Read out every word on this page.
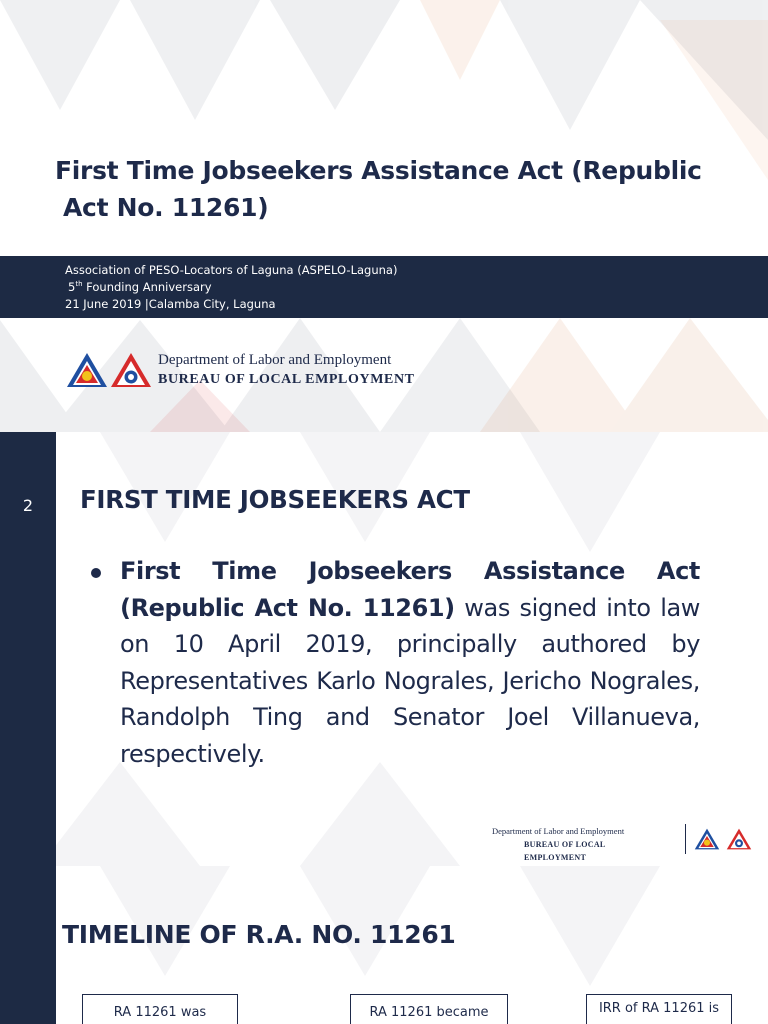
First Time Jobseekers Assistance Act (Republic
Act No. 11261)
Association of PESO-Locators of Laguna (ASPELO-Laguna)
5th Founding Anniversary
21 June 2019 |Calamba City, Laguna
Department of Labor and Employment
BUREAU OF LOCAL EMPLOYMENT
2	FIRST TIME JOBSEEKERS ACT
First Time Jobseekers Assistance Act (Republic Act No. 11261) was signed into law on 10 April 2019, principally authored by Representatives Karlo Nograles, Jericho Nograles, Randolph Ting and Senator Joel Villanueva, respectively.
Department of Labor and Employment
BUREAU OF LOCAL EMPLOYMENT
TIMELINE OF R.A. NO. 11261
RA 11261 was	RA 11261 became	IRR of RA 11261 is
